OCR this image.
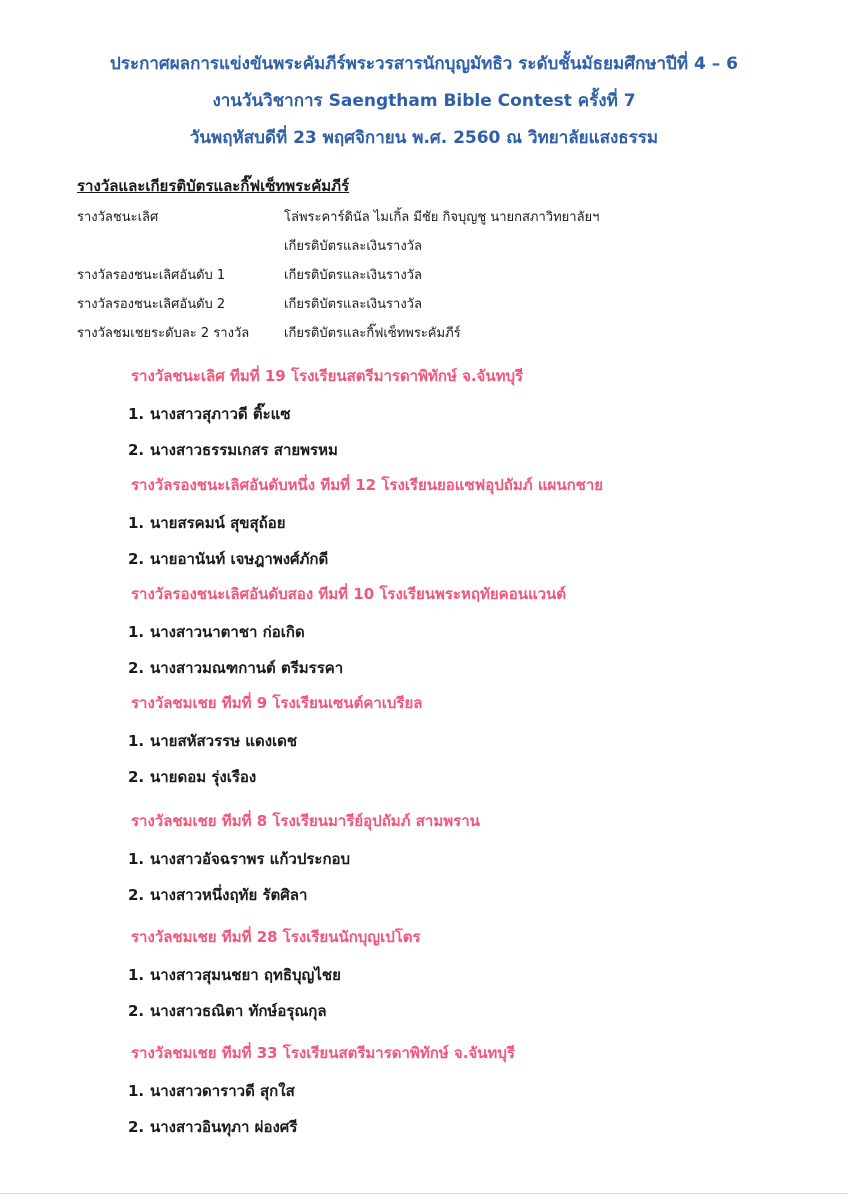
ประกาศผลการแข่งขันพระคัมภีร์พระวรสารนักบุญมัทธิว ระดับชั้นมัธยมศึกษาปีที่ 4 – 6
งานวันวิชาการ Saengtham Bible Contest ครั้งที่ 7
วันพฤหัสบดีที่ 23 พฤศจิกายน พ.ศ. 2560 ณ วิทยาลัยแสงธรรม
รางวัลและเกียรติบัตรและกิ๊ฟเซ็ทพระคัมภีร์
รางวัลชนะเลิศ	โล่พระคาร์ดินัล ไมเกิ้ล มีชัย กิจบุญชู นายกสภาวิทยาลัยฯ
เกียรติบัตรและเงินรางวัล
รางวัลรองชนะเลิศอันดับ 1	เกียรติบัตรและเงินรางวัล
รางวัลรองชนะเลิศอันดับ 2	เกียรติบัตรและเงินรางวัล
รางวัลชมเชยระดับละ 2 รางวัล	เกียรติบัตรและกิ๊ฟเซ็ทพระคัมภีร์
รางวัลชนะเลิศ ทีมที่ 19 โรงเรียนสตรีมารดาพิทักษ์ จ.จันทบุรี
1. นางสาวสุภาวดี ติ๊ะแซ
2. นางสาวธรรมเกสร สายพรหม
รางวัลรองชนะเลิศอันดับหนึ่ง ทีมที่ 12 โรงเรียนยอแซฟอุปถัมภ์ แผนกชาย
1. นายสรคมน์ สุขสุถ้อย
2. นายอานันท์ เจษฎาพงศ์ภักดี
รางวัลรองชนะเลิศอันดับสอง ทีมที่ 10 โรงเรียนพระหฤทัยคอนแวนต์
1. นางสาวนาตาชา ก่อเกิด
2. นางสาวมณฑกานต์ ตรีมรรคา
รางวัลชมเชย ทีมที่ 9 โรงเรียนเซนต์คาเบรียล
1. นายสหัสวรรษ แดงเดช
2. นายดอม รุ่งเรือง
รางวัลชมเชย ทีมที่ 8 โรงเรียนมารีย์อุปถัมภ์ สามพราน
1. นางสาวอัจฉราพร แก้วประกอบ
2. นางสาวหนึ่งฤทัย รัตศิลา
รางวัลชมเชย ทีมที่ 28 โรงเรียนนักบุญเปโตร
1. นางสาวสุมนชยา ฤทธิบุญไชย
2. นางสาวธณิตา ทักษ์อรุณกุล
รางวัลชมเชย ทีมที่ 33 โรงเรียนสตรีมารดาพิทักษ์ จ.จันทบุรี
1. นางสาวดาราวดี สุกใส
2. นางสาวอินทุภา ผ่องศรี
